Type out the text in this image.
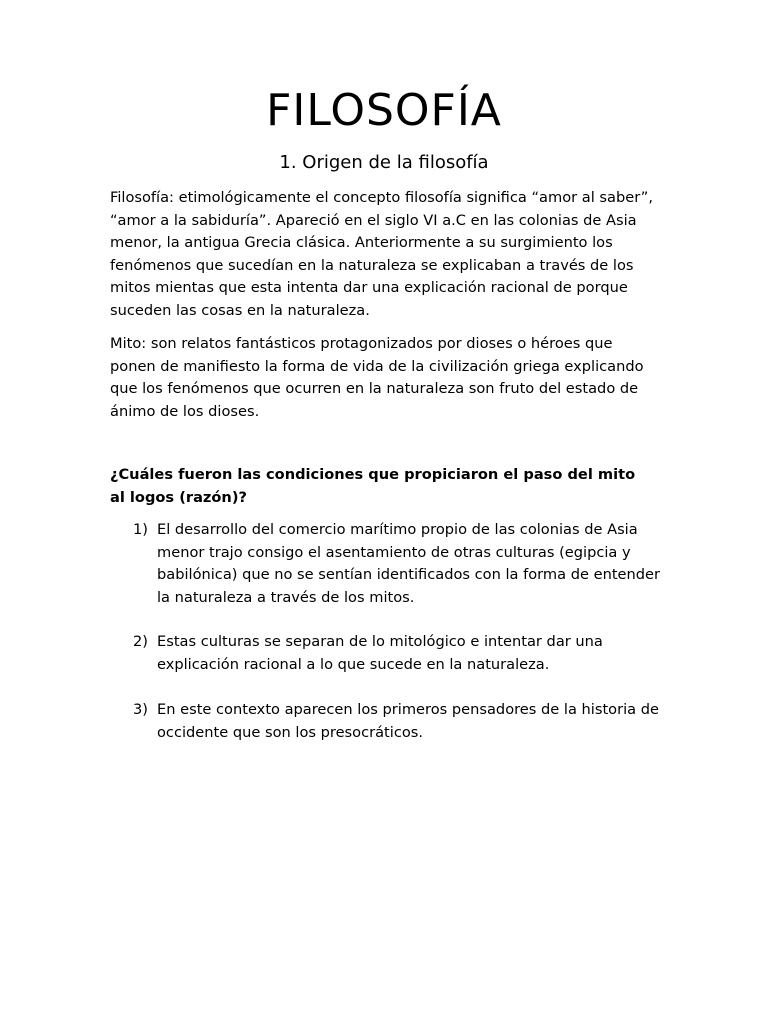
FILOSOFÍA
1. Origen de la filosofía

Filosofía: etimológicamente el concepto filosofía significa “amor al saber”, “amor a la sabiduría”. Apareció en el siglo VI a.C en las colonias de Asia menor, la antigua Grecia clásica. Anteriormente a su surgimiento los fenómenos que sucedían en la naturaleza se explicaban a través de los mitos mientas que esta intenta dar una explicación racional de porque suceden las cosas en la naturaleza.

Mito: son relatos fantásticos protagonizados por dioses o héroes que ponen de manifiesto la forma de vida de la civilización griega explicando que los fenómenos que ocurren en la naturaleza son fruto del estado de ánimo de los dioses.

¿Cuáles fueron las condiciones que propiciaron el paso del mito al logos (razón)?

1) El desarrollo del comercio marítimo propio de las colonias de Asia menor trajo consigo el asentamiento de otras culturas (egipcia y babilónica) que no se sentían identificados con la forma de entender la naturaleza a través de los mitos.
2) Estas culturas se separan de lo mitológico e intentar dar una explicación racional a lo que sucede en la naturaleza.
3) En este contexto aparecen los primeros pensadores de la historia de occidente que son los presocráticos.
